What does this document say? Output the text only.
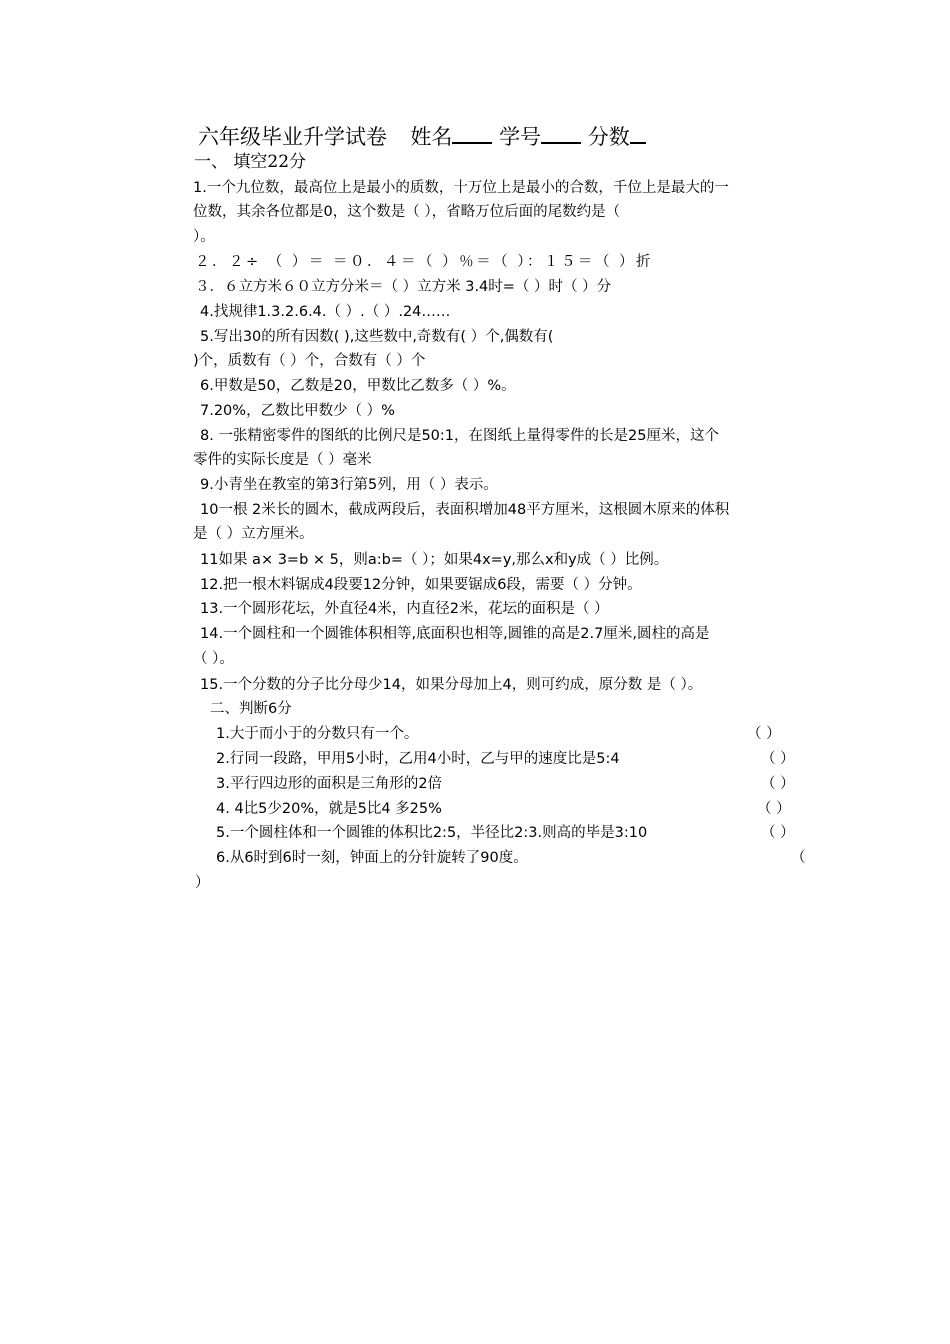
六年级毕业升学试卷 姓名 学号 分数
一、 填空22分
1.一个九位数，最高位上是最小的质数，十万位上是最小的合数，千位上是最大的一
位数，其余各位都是0，这个数是（ ），省略万位后面的尾数约是（
）。
２．２÷ （ ）＝ ＝０．４＝（ ）％＝（ ）：１５＝（ ）折
３．６立方米６０立方分米＝（ ）立方米 3.4时=（ ）时（ ）分
4.找规律1.3.2.6.4.（ ）.（ ）.24……
5.写出30的所有因数( ),这些数中,奇数有( ）个,偶数有(
)个，质数有（ ）个，合数有（ ）个
6.甲数是50，乙数是20，甲数比乙数多（ ）%。
7.20%，乙数比甲数少（ ）%
8. 一张精密零件的图纸的比例尺是50:1，在图纸上量得零件的长是25厘米，这个
零件的实际长度是（ ）毫米
9.小青坐在教室的第3行第5列，用（ ）表示。
10一根 2米长的圆木，截成两段后，表面积增加48平方厘米，这根圆木原来的体积
是（ ）立方厘米。
11如果 a× 3=b × 5，则a:b=（ ）；如果4x=y,那么x和y成（ ）比例。
12.把一根木料锯成4段要12分钟，如果要锯成6段，需要（ ）分钟。
13.一个圆形花坛，外直径4米，内直径2米，花坛的面积是（ ）
14.一个圆柱和一个圆锥体积相等,底面积也相等,圆锥的高是2.7厘米,圆柱的高是
（ ）。
15.一个分数的分子比分母少14，如果分母加上4，则可约成，原分数 是（ ）。
二、判断6分
1.大于而小于的分数只有一个。	（ ）
2.行同一段路，甲用5小时，乙用4小时，乙与甲的速度比是5:4	（ ）
3.平行四边形的面积是三角形的2倍	（ ）
4. 4比5少20%，就是5比4 多25%	（ ）
5.一个圆柱体和一个圆锥的体积比2:5，半径比2:3.则高的毕是3:10	（ ）
6.从6时到6时一刻，钟面上的分针旋转了90度。	（
）
